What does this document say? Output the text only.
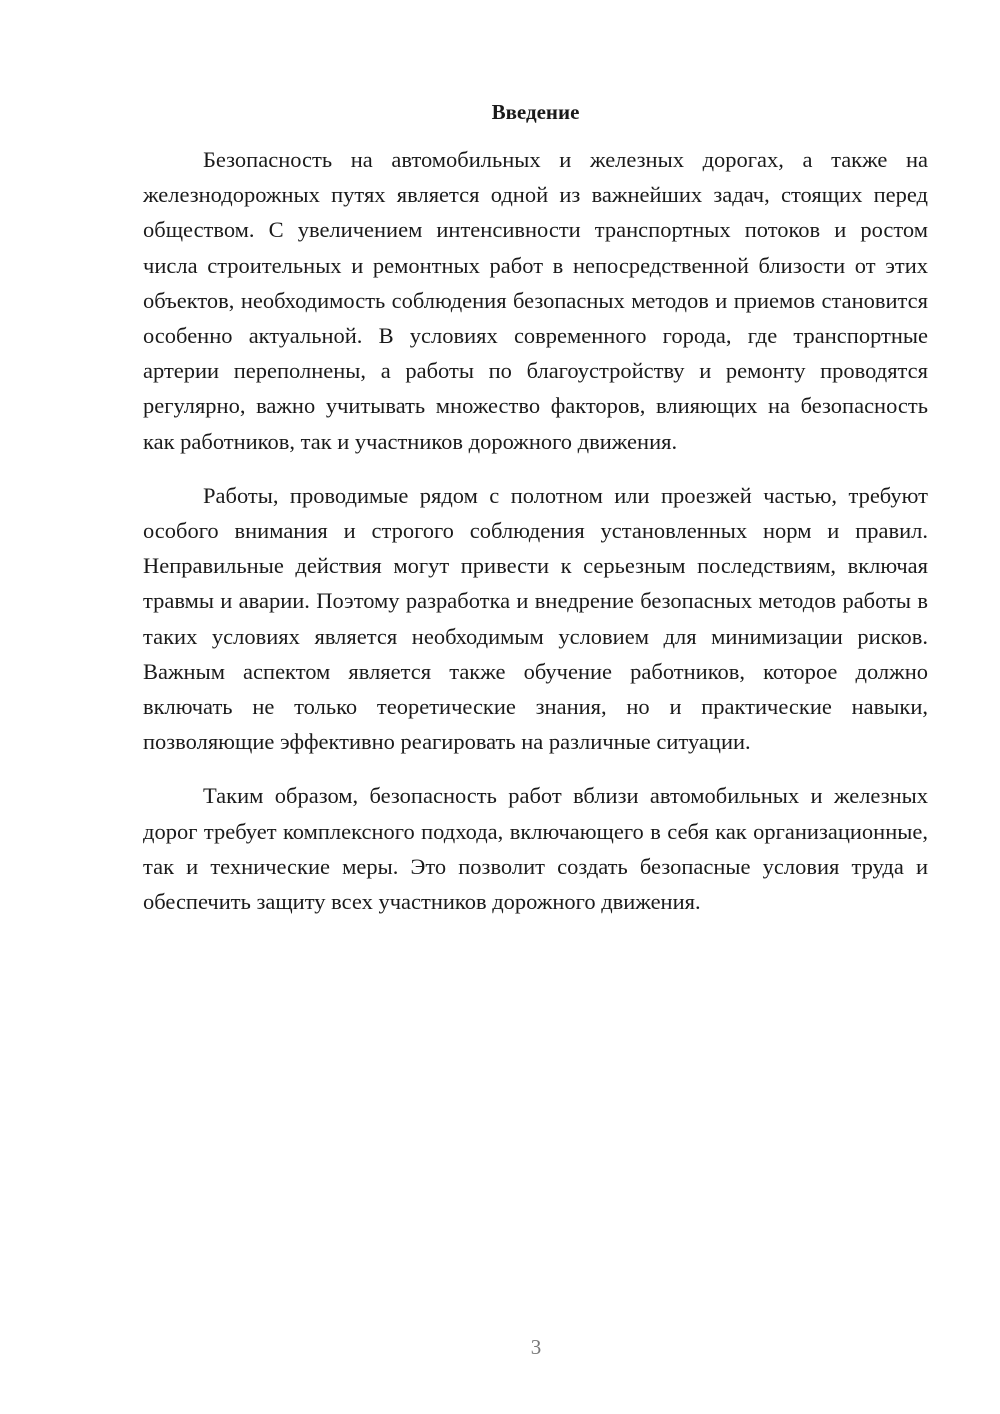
Введение

Безопасность на автомобильных и железных дорогах, а также на железнодорожных путях является одной из важнейших задач, стоящих перед обществом. С увеличением интенсивности транспортных потоков и ростом числа строительных и ремонтных работ в непосредственной близости от этих объектов, необходимость соблюдения безопасных методов и приемов становится особенно актуальной. В условиях современного города, где транспортные артерии переполнены, а работы по благоустройству и ремонту проводятся регулярно, важно учитывать множество факторов, влияющих на безопасность как работников, так и участников дорожного движения.

Работы, проводимые рядом с полотном или проезжей частью, требуют особого внимания и строгого соблюдения установленных норм и правил. Неправильные действия могут привести к серьезным последствиям, включая травмы и аварии. Поэтому разработка и внедрение безопасных методов работы в таких условиях является необходимым условием для минимизации рисков. Важным аспектом является также обучение работников, которое должно включать не только теоретические знания, но и практические навыки, позволяющие эффективно реагировать на различные ситуации.

Таким образом, безопасность работ вблизи автомобильных и железных дорог требует комплексного подхода, включающего в себя как организационные, так и технические меры. Это позволит создать безопасные условия труда и обеспечить защиту всех участников дорожного движения.

3
